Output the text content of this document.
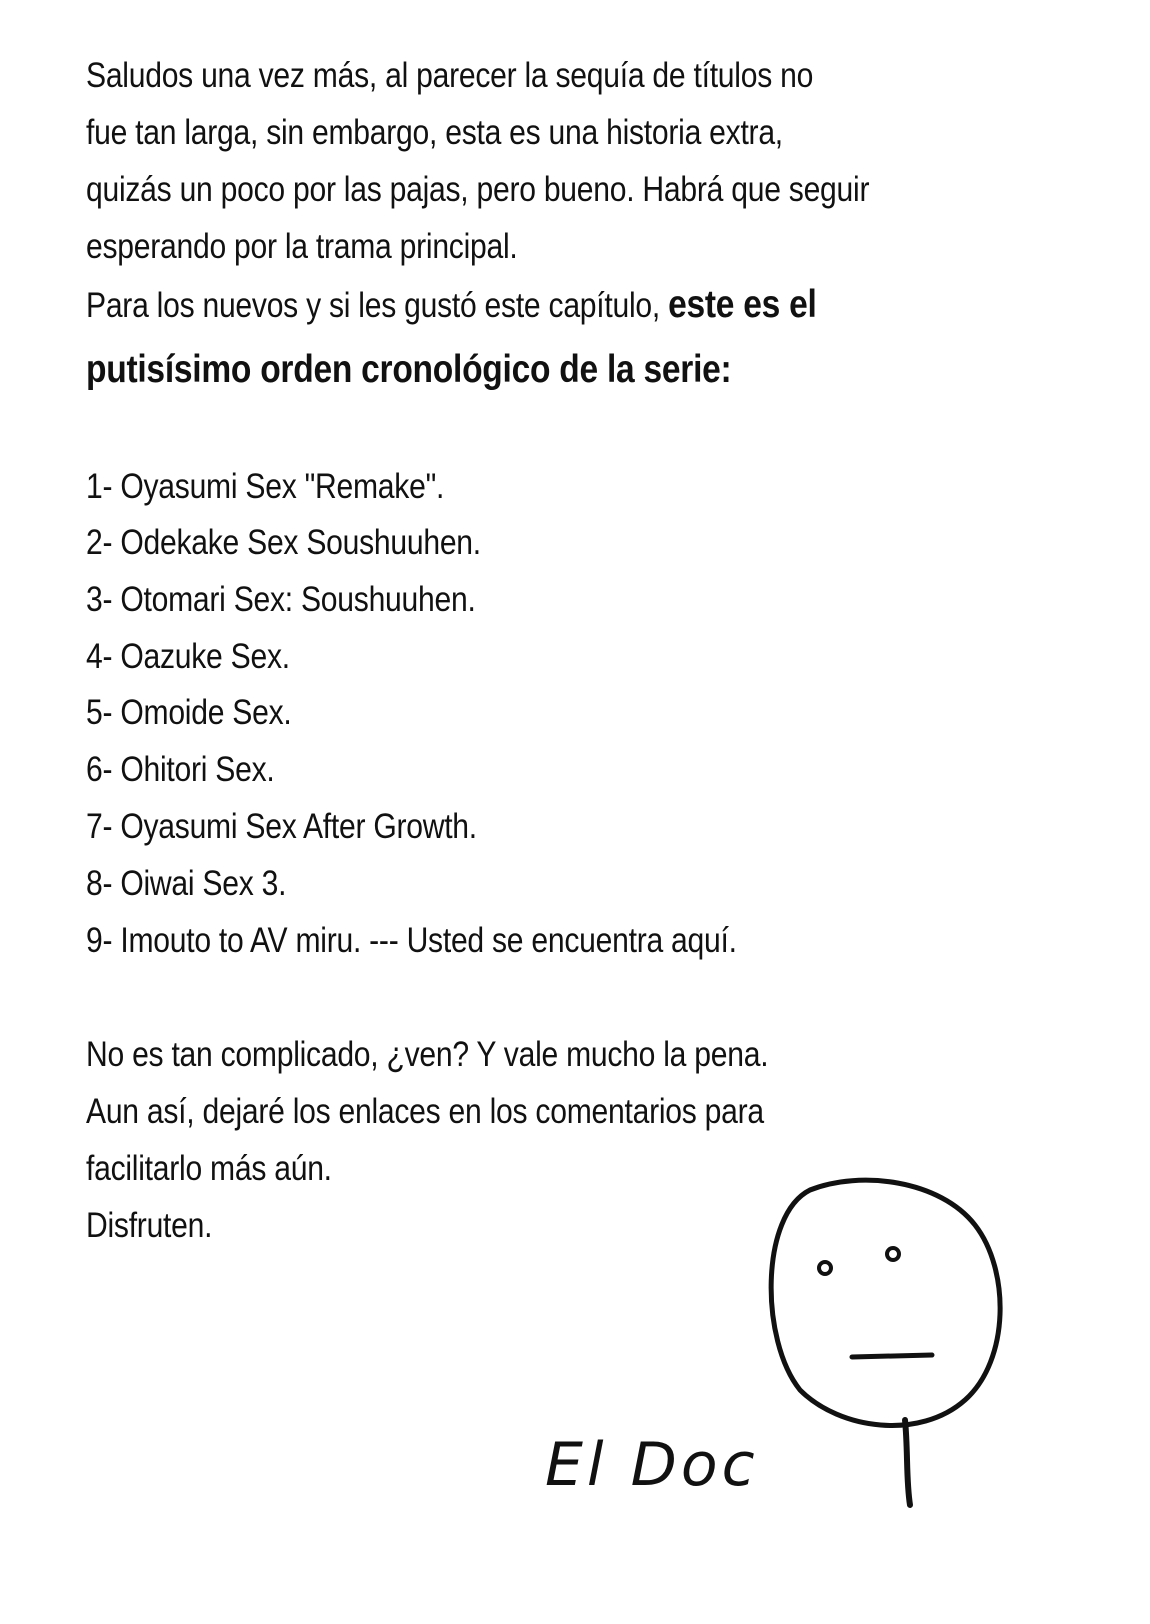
Saludos una vez más, al parecer la sequía de títulos no
fue tan larga, sin embargo, esta es una historia extra,
quizás un poco por las pajas, pero bueno. Habrá que seguir
esperando por la trama principal.
Para los nuevos y si les gustó este capítulo, este es el
putisísimo orden cronológico de la serie:
1- Oyasumi Sex "Remake".
2- Odekake Sex Soushuuhen.
3- Otomari Sex: Soushuuhen.
4- Oazuke Sex.
5- Omoide Sex.
6- Ohitori Sex.
7- Oyasumi Sex After Growth.
8- Oiwai Sex 3.
9- Imouto to AV miru. --- Usted se encuentra aquí.
No es tan complicado, ¿ven? Y vale mucho la pena.
Aun así, dejaré los enlaces en los comentarios para
facilitarlo más aún.
Disfruten.
El Doc
